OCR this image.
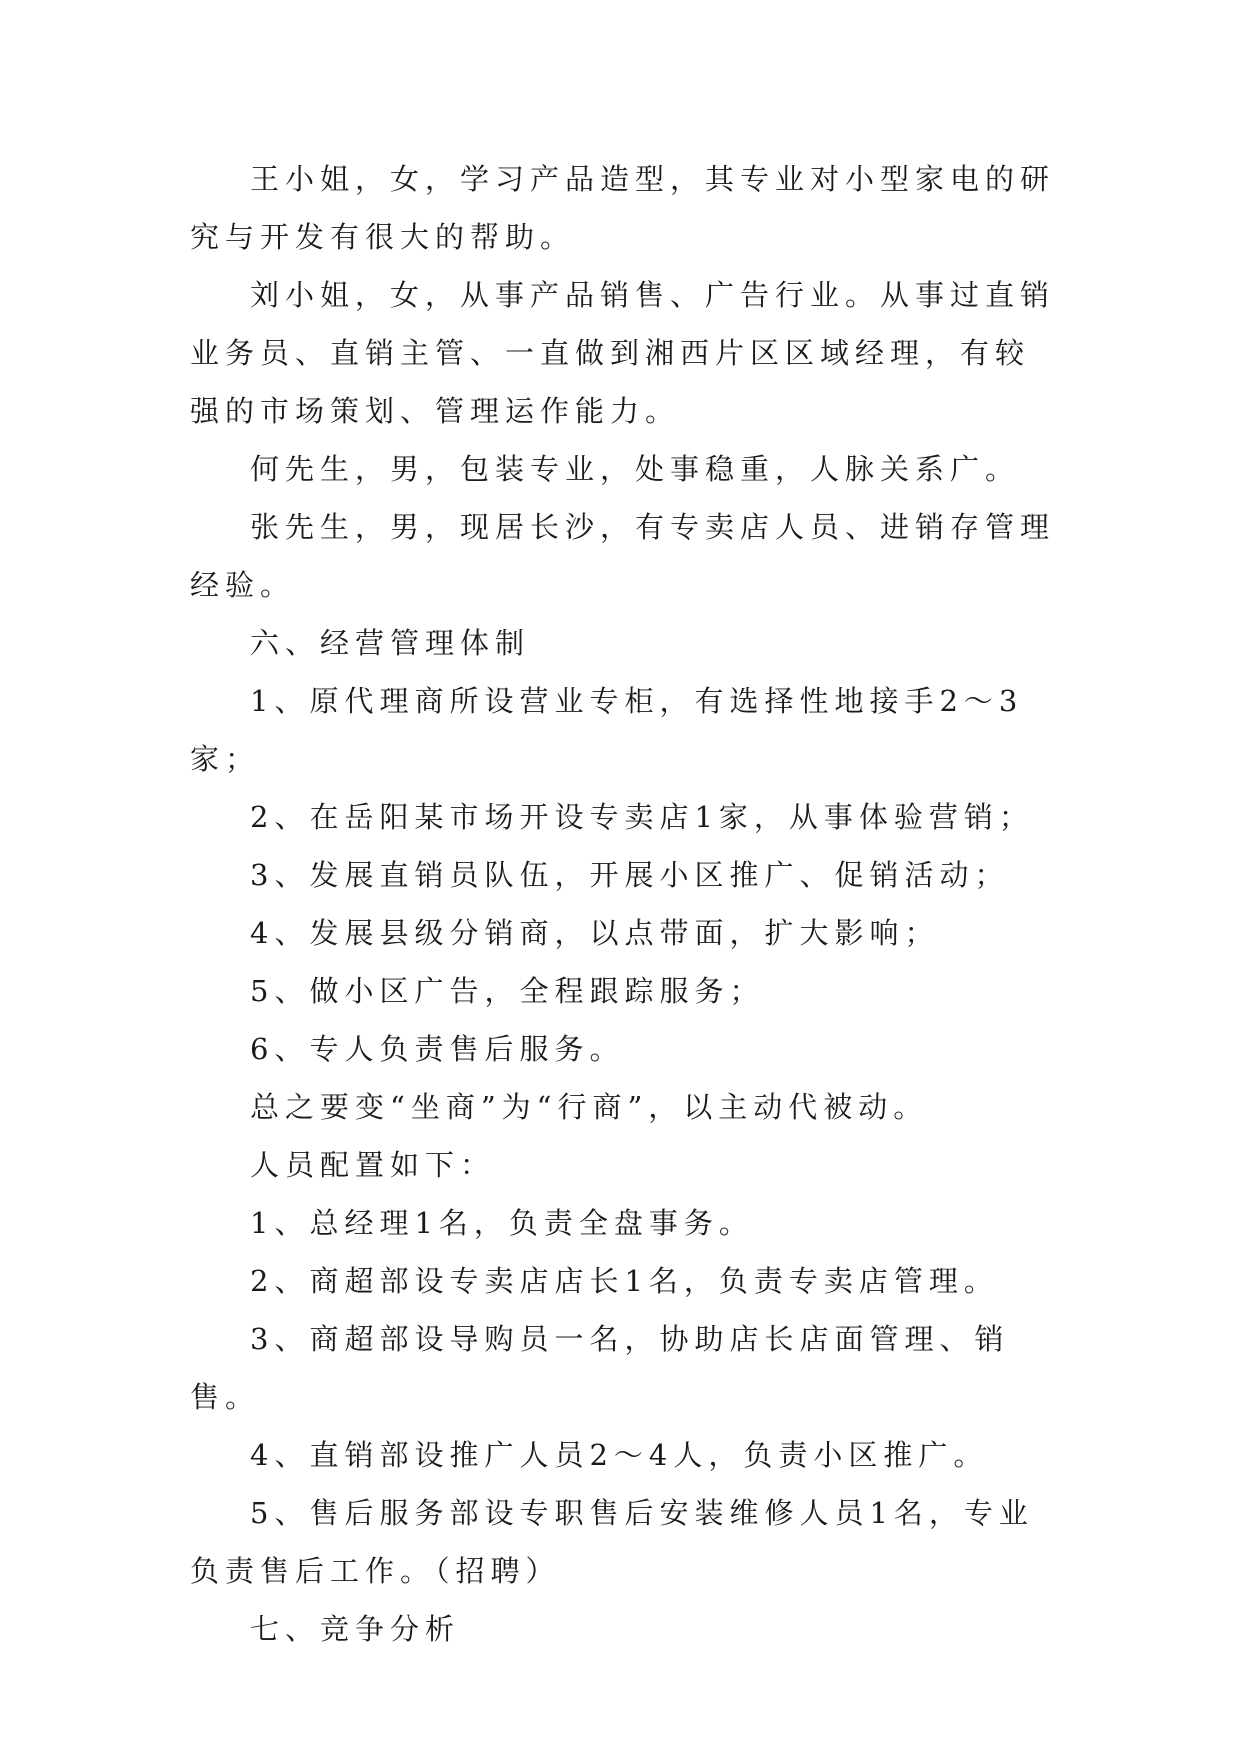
王小姐，女，学习产品造型，其专业对小型家电的研究与开发有很大的帮助。

刘小姐，女，从事产品销售、广告行业。从事过直销业务员、直销主管、一直做到湘西片区区域经理，有较强的市场策划、管理运作能力。

何先生，男，包装专业，处事稳重，人脉关系广。

张先生，男，现居长沙，有专卖店人员、进销存管理经验。

六、经营管理体制

1、原代理商所设营业专柜，有选择性地接手2～3家；

2、在岳阳某市场开设专卖店1家，从事体验营销；

3、发展直销员队伍，开展小区推广、促销活动；

4、发展县级分销商，以点带面，扩大影响；

5、做小区广告，全程跟踪服务；

6、专人负责售后服务。

总之要变“坐商”为“行商”，以主动代被动。

人员配置如下：

1、总经理1名，负责全盘事务。

2、商超部设专卖店店长1名，负责专卖店管理。

3、商超部设导购员一名，协助店长店面管理、销售。

4、直销部设推广人员2～4人，负责小区推广。

5、售后服务部设专职售后安装维修人员1名，专业负责售后工作。（招聘）

七、竞争分析
